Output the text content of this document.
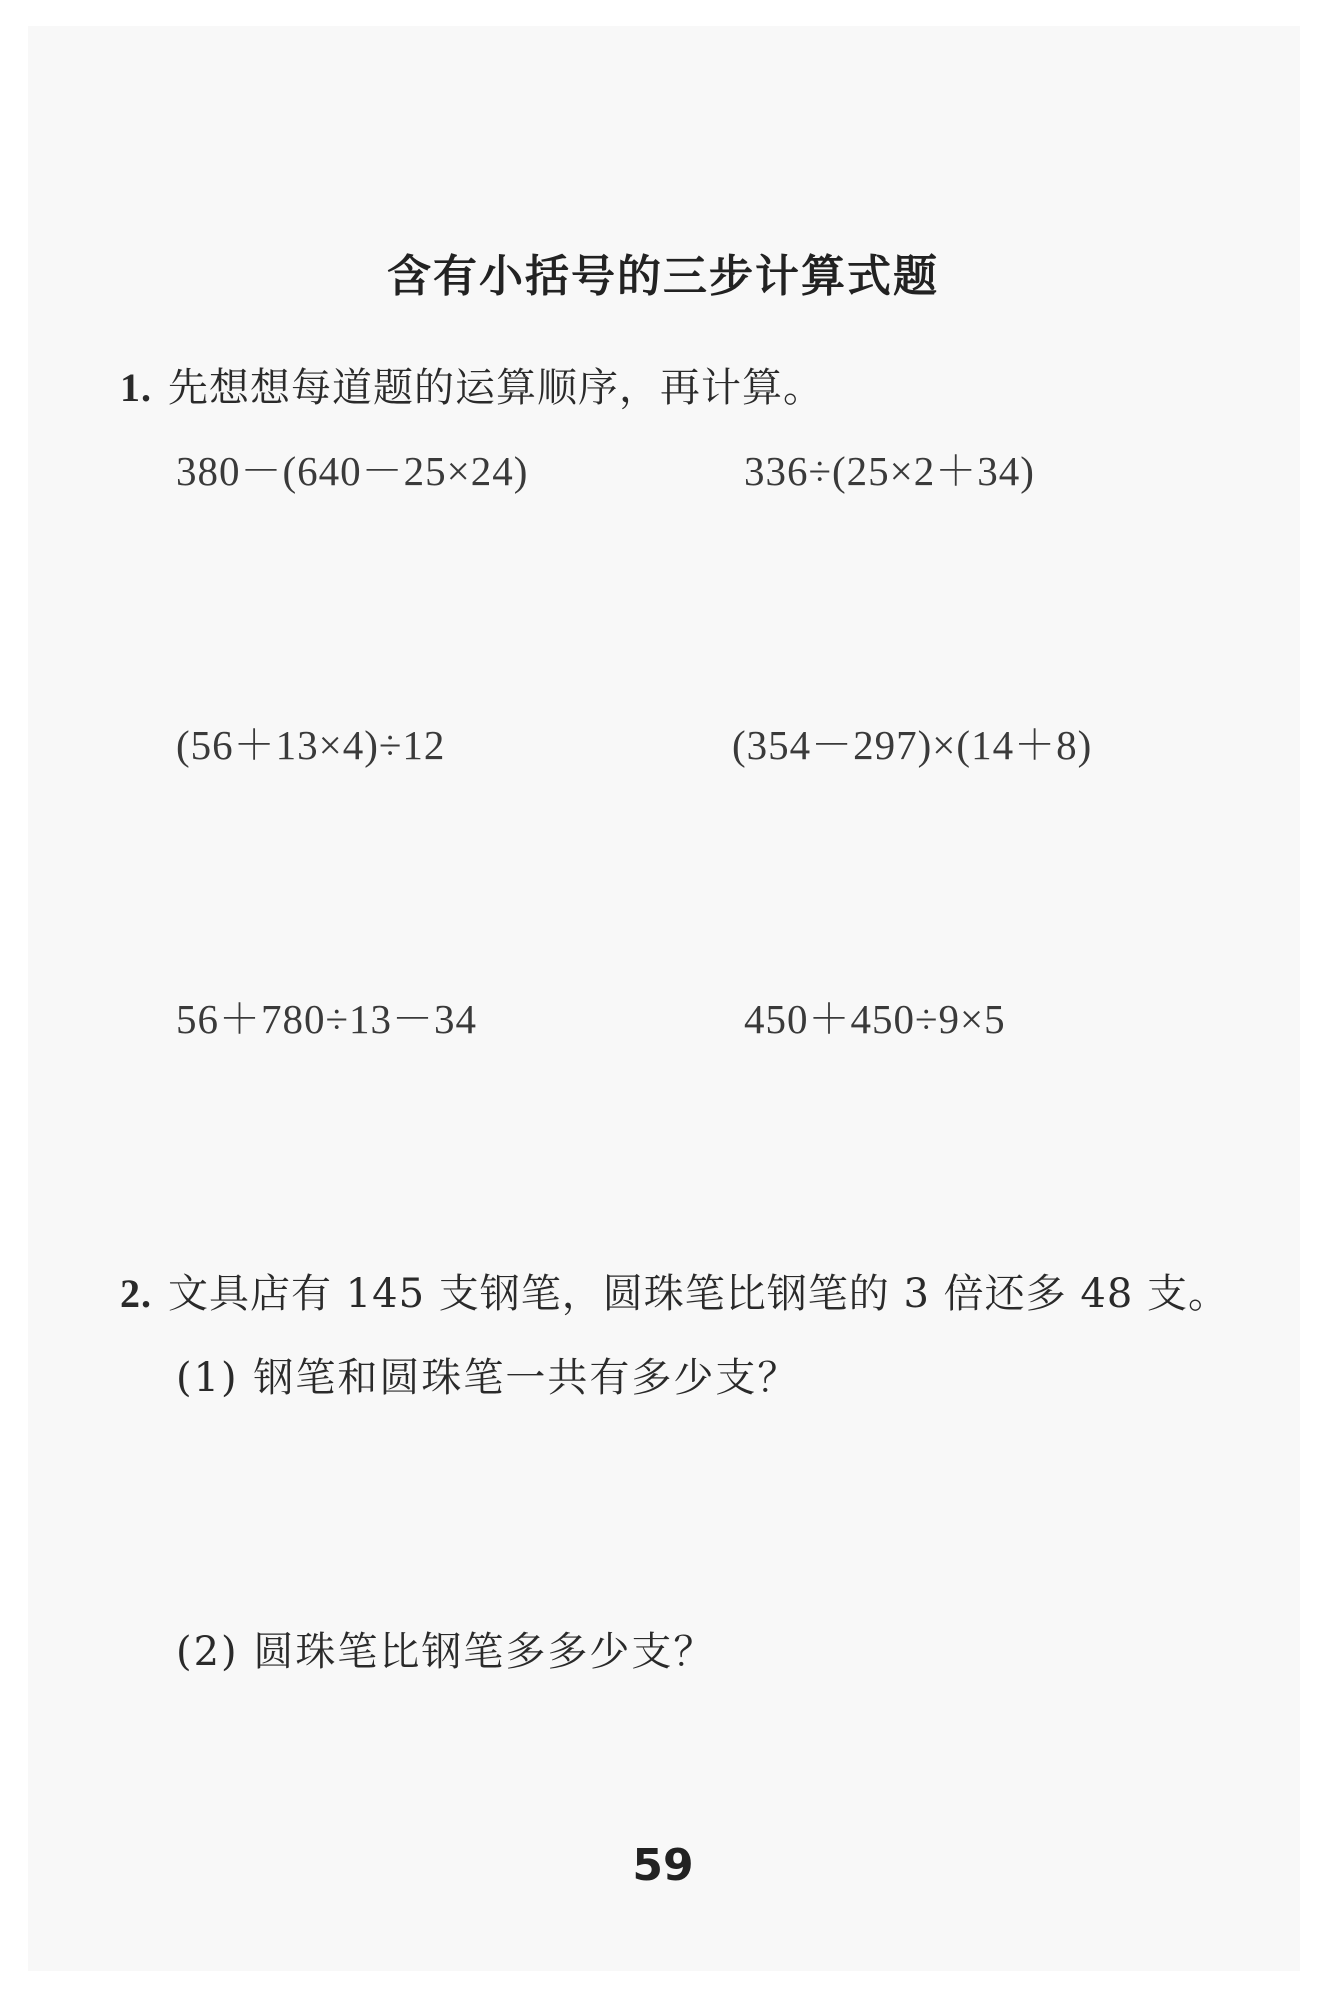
含有小括号的三步计算式题
1. 先想想每道题的运算顺序，再计算。
380－(640－25×24)	336÷(25×2＋34)
(56＋13×4)÷12	(354－297)×(14＋8)
56＋780÷13－34	450＋450÷9×5
2. 文具店有 145 支钢笔，圆珠笔比钢笔的 3 倍还多 48 支。
(1) 钢笔和圆珠笔一共有多少支？
(2) 圆珠笔比钢笔多多少支？
59
